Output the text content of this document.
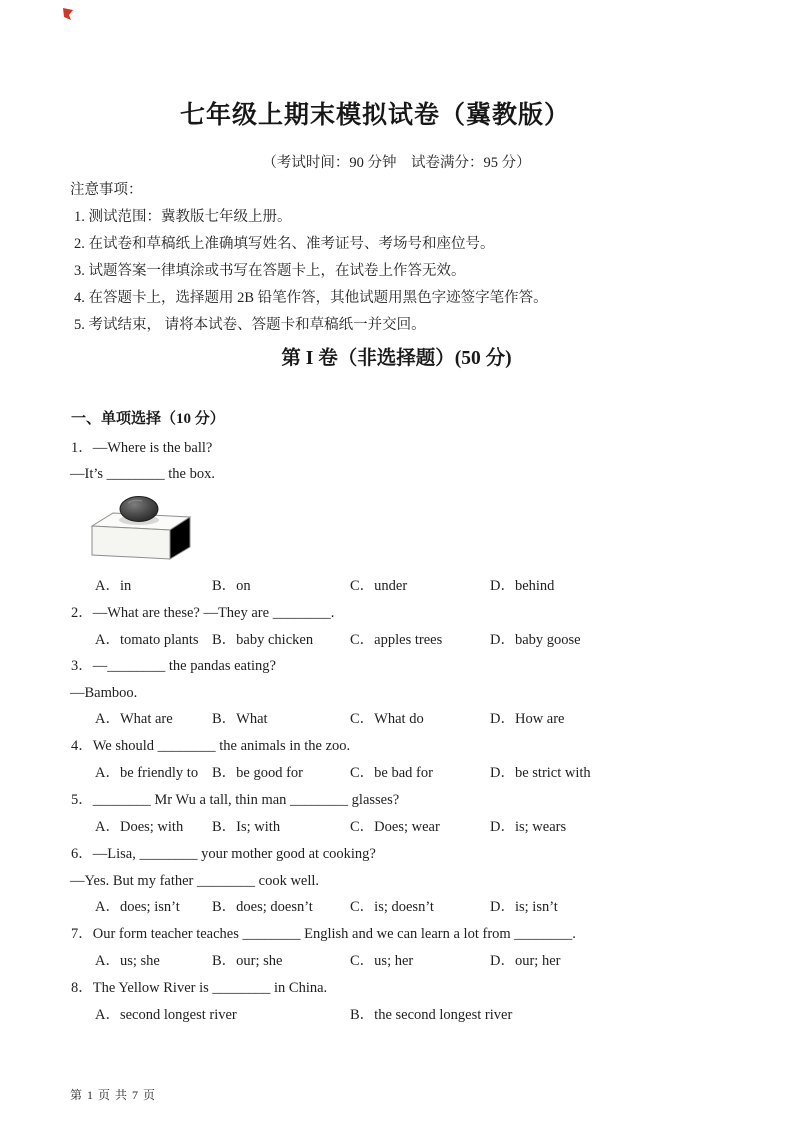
七年级上期末模拟试卷（冀教版）
（考试时间：90 分钟　试卷满分：95 分）
注意事项：
1. 测试范围：冀教版七年级上册。
2. 在试卷和草稿纸上准确填写姓名、准考证号、考场号和座位号。
3. 试题答案一律填涂或书写在答题卡上，在试卷上作答无效。
4. 在答题卡上，选择题用 2B 铅笔作答，其他试题用黑色字迹签字笔作答。
5. 考试结束， 请将本试卷、答题卡和草稿纸一并交回。
第 I 卷（非选择题）(50 分)
一、单项选择（10 分）
1．—Where is the ball?
—It’s ________ the box.
A．in	B．on	C．under	D．behind
2．—What are these? —They are ________.
A．tomato plants B．baby chicken	C．apples trees	D．baby goose
3．—________ the pandas eating?
—Bamboo.
A．What are	B．What	C．What do	D．How are
4．We should ________ the animals in the zoo.
A．be friendly to B．be good for	C．be bad for	D．be strict with
5．________ Mr Wu a tall, thin man ________ glasses?
A．Does; with B．Is; with	C．Does; wear	D．is; wears
6．—Lisa, ________ your mother good at cooking?
—Yes. But my father ________ cook well.
A．does; isn’t B．does; doesn’t	C．is; doesn’t	D．is; isn’t
7．Our form teacher teaches ________ English and we can learn a lot from ________.
A．us; she	B．our; she	C．us; her	D．our; her
8．The Yellow River is ________ in China.
A．second longest river	B．the second longest river
第 1 页 共 7 页
